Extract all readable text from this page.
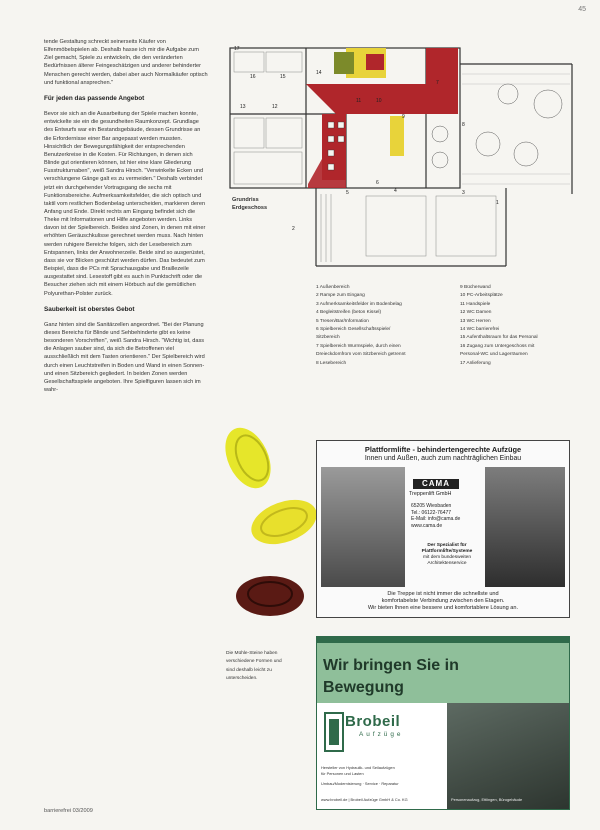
45

tende Gestaltung schreckt seinerseits Käufer von Elfenmöbelspielen ab. Deshalb hasse ich mir die Aufgabe zum Ziel gemacht, Spiele zu entwickeln, die den veränderten Bedürfnissen älterer Feingeschätzigen und anderer behinderter Menschen gerecht werden, dabei aber auch Normalkäufer optisch und funktional ansprechen."

Für jeden das passende Angebot

Bevor sie sich an die Ausarbeitung der Spiele machen konnte, entwickelte sie ein die gesundheiten Raumkonzept. Grundlage des Entwurfs war ein Bestandsgebäude, dessen Grundrisse an die Erfordernisse einer Bar angepasst werden mussten. Hinsichtlich der Bewegungsfähigkeit der entsprechenden Benutzerkreise in die Kosten. Für Richtungen, in denen sich Blinde gut orientieren können, ist hier eine klare Gliederung Fusstrukturnaben", weiß Sandra Hirsch. "Verwinkelte Ecken und verschlungene Gänge galt es zu vermeiden." Deshalb verbindet jetzt ein durchgehender Vortragsgang die sechs mit Funktionsbereiche. Aufmerksamkeitsfelder, die sich optisch und taktil vom restlichen Bodenbelag unterscheiden, markieren deren Anfang und Ende. Direkt rechts am Eingang befindet sich die Theke mit Informationen und Hilfe angeboten werden. Links davon ist der Spielbereich. Beides sind Zonen, in denen mit einer erhöhten Geräuschkulisse gerechnet werden muss. Nach hinten werden ruhigere Bereiche folgen, sich der Lesebereich zum Entspannen, links der Anwohnerzeile. Beide sind so ausgerüstet, dass sie vor Blicken geschützt werden dürfen. Das bedeutet zum Beispiel, dass die PCs mit Sprachausgabe und Braillezeile ausgestattet sind. Lesestoff gibt es auch in Punktschrift oder die Besucher ziehen sich mit einem Hörbuch auf die gemütlichen Polyurethan-Polster zurück.

Sauberkeit ist oberstes Gebot

Ganz hinten sind die Sanitärzellen angeordnet. "Bei der Planung dieses Bereichs für Blinde und Sehbehinderte gibt es keine besonderen Vorschriften", weiß Sandra Hirsch. "Wichtig ist, dass die Anlagen sauber sind, da sich die Betroffenen viel ausschließlich mit dem Tasten orientieren." Der Spielbereich wird durch einen Leuchtstreifen in Boden und Wand in einen Sonnen- und einen Sitzbereich gegliedert. In beiden Zonen werden Gesellschaftsspiele angeboten. Ihre Spielfiguren lassen sich im wahr-

barrierefrei 03/2009
17
16	15
14
13	12
11	10
8
9
7
6
5	4	3
2
1
Grundriss
Erdgeschoss
1 Außenbereich
2 Rampe zum Eingang
3 Aufmerksamkeitsfelder im Bodenbelag
4 Begleitstreifen (beton Kissel)
5 Tresen/Bar/Information
6 Spielbereich Gesellschaftsspiele/
Sitzbereich
7 Spielbereich Wurmspiele, durch einen
Dreieckdomfrom vom Sitzbereich getrennt
8 Lesebereich
9 Bücherwand
10 PC-Arbeitsplätze
11 Handspiele
12 WC Damen
13 WC Herren
14 WC barrierefrei
15 Aufenthaltsraum für das Personal
16 Zugang zum Untergeschoss mit
Personal-WC und Lagerräumen
17 Anlieferung
Die Mühle-Steine haben verschiedene Formen und sind deshalb leicht zu unterscheiden.
Plattformlifte - behindertengerechte Aufzüge
Innen und Außen, auch zum nachträglichen Einbau
CAMA
Treppenlift GmbH
65205 Wiesbaden
Tel.: 06122-76477
E-Mail: info@cama.de
www.cama.de
Der Spezialist für
Plattformlifte/Systeme
mit dem bundesweiten
Architektenservice
Die Treppe ist nicht immer die schnellste und
komfortabelste Verbindung zwischen den Etagen.
Wir bieten Ihnen eine bessere und komfortablere Lösung an.
Wir bringen Sie in
Bewegung
Brobeil
Aufzüge
Hersteller von Hydraulik- und Seilaufzügen
für Personen und Lasten
Umbau/Modernisierung · Service · Reparatur
www.brobeil.de | Brobeil Aufzüge GmbH & Co. KG	Personenaufzug, Ettlingen, Bürogebäude
